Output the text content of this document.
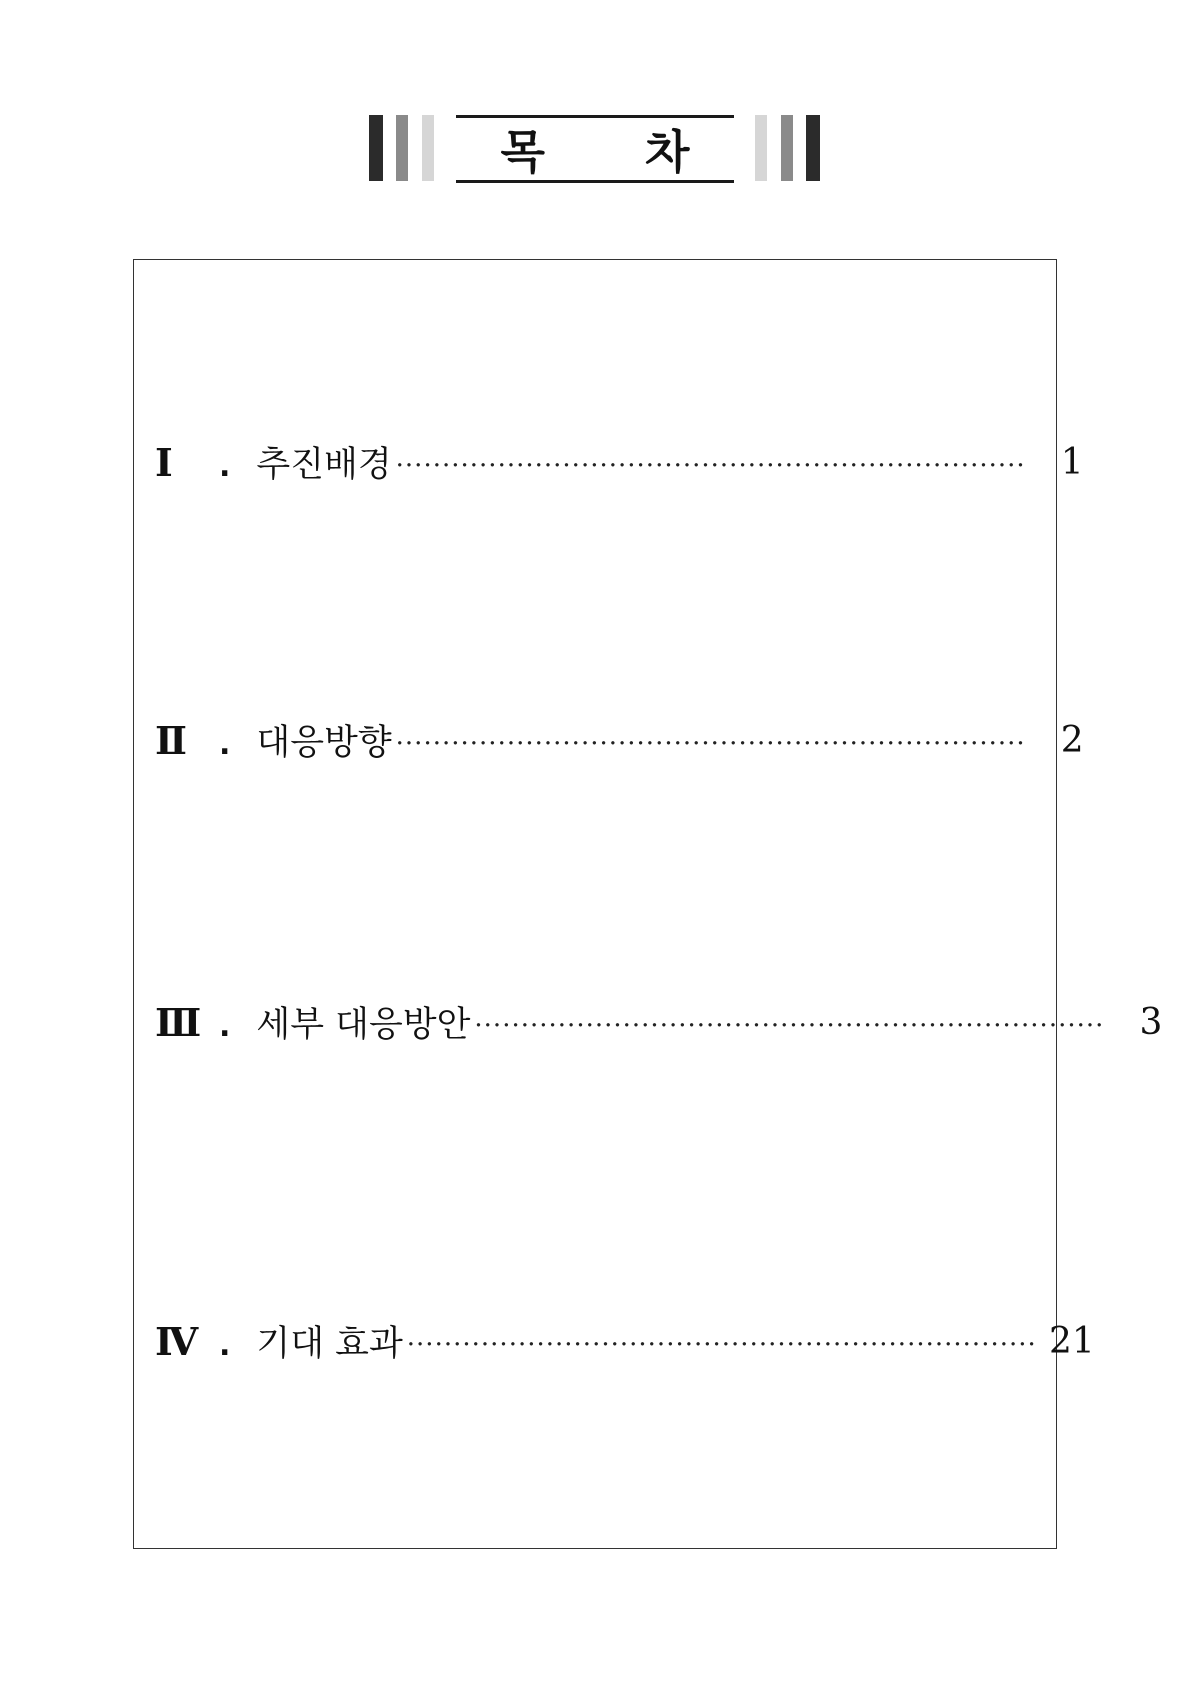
목 차
Ⅰ	. 추진배경 ···································································· 1
Ⅱ	. 대응방향 ···································································· 2
Ⅲ . 세부 대응방안 ···································································· 3
Ⅳ . 기대 효과 ···································································· 21
